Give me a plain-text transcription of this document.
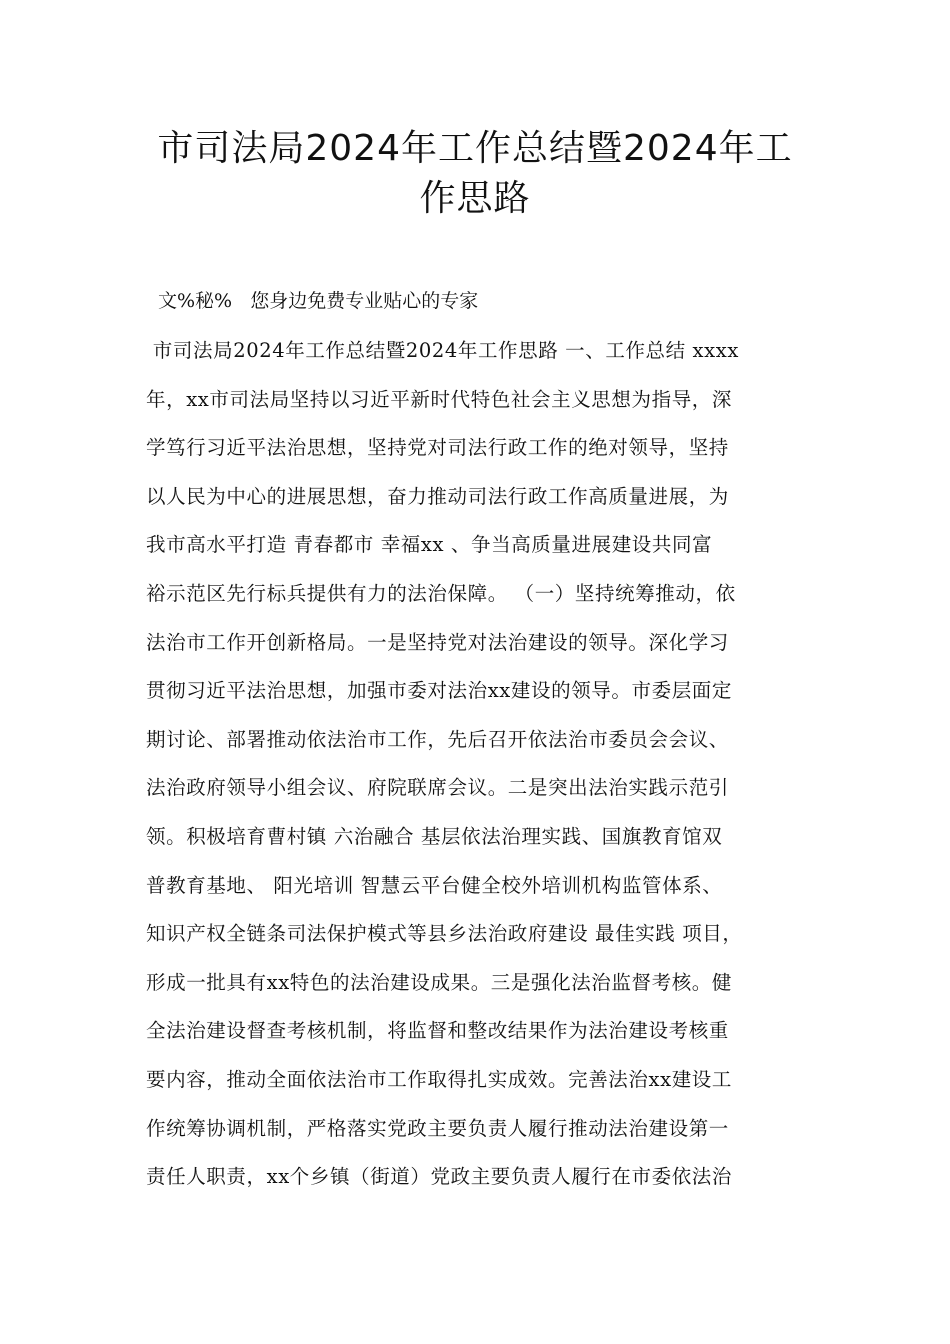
市司法局2024年工作总结暨2024年工
作思路

文%秘%   您身边免费专业贴心的专家

市司法局2024年工作总结暨2024年工作思路 一、工作总结 xxxx
年，xx市司法局坚持以习近平新时代特色社会主义思想为指导，深
学笃行习近平法治思想，坚持党对司法行政工作的绝对领导，坚持
以人民为中心的进展思想，奋力推动司法行政工作高质量进展，为
我市高水平打造 青春都市 幸福xx 、争当高质量进展建设共同富
裕示范区先行标兵提供有力的法治保障。 （一）坚持统筹推动，依
法治市工作开创新格局。一是坚持党对法治建设的领导。深化学习
贯彻习近平法治思想，加强市委对法治xx建设的领导。市委层面定
期讨论、部署推动依法治市工作，先后召开依法治市委员会会议、
法治政府领导小组会议、府院联席会议。二是突出法治实践示范引
领。积极培育曹村镇 六治融合 基层依法治理实践、国旗教育馆双
普教育基地、 阳光培训 智慧云平台健全校外培训机构监管体系、
知识产权全链条司法保护模式等县乡法治政府建设 最佳实践 项目，
形成一批具有xx特色的法治建设成果。三是强化法治监督考核。健
全法治建设督查考核机制，将监督和整改结果作为法治建设考核重
要内容，推动全面依法治市工作取得扎实成效。完善法治xx建设工
作统筹协调机制，严格落实党政主要负责人履行推动法治建设第一
责任人职责，xx个乡镇（街道）党政主要负责人履行在市委依法治
